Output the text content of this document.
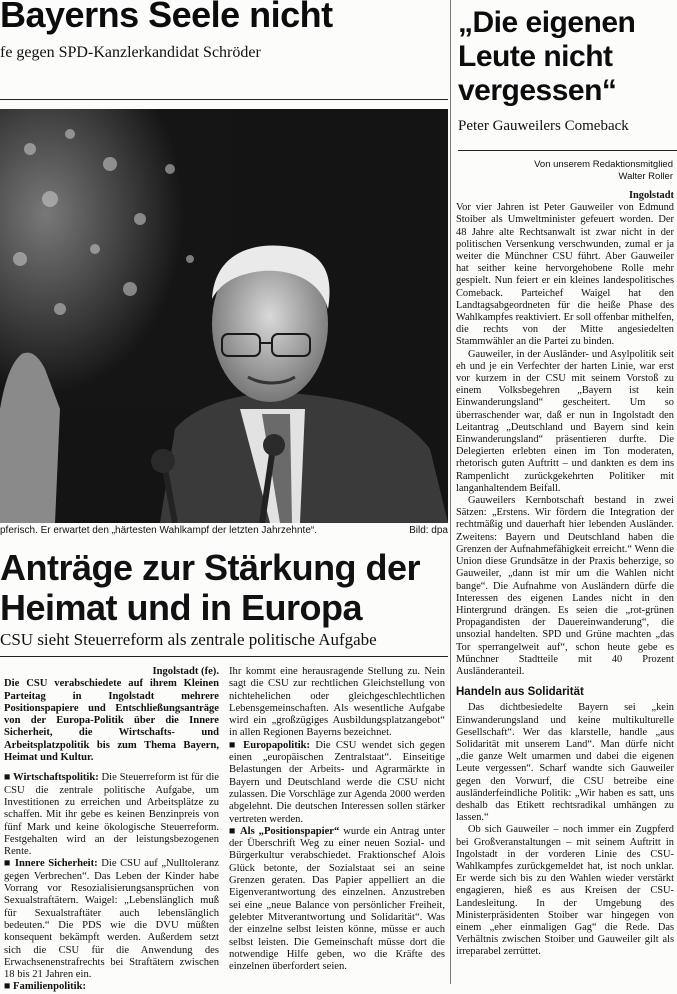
Bayerns Seele nicht
fe gegen SPD-Kanzlerkandidat Schröder
pferisch. Er erwartet den „härtesten Wahlkampf der letzten Jahrzehnte“.	Bild: dpa
Anträge zur Stärkung der Heimat und in Europa
CSU sieht Steuerreform als zentrale politische Aufgabe

Ingolstadt (fe).

Die CSU verabschiedete auf ihrem Kleinen Parteitag in Ingolstadt mehrere Positionspapiere und Entschließungsanträge von der Europa-Politik über die Innere Sicherheit, die Wirtschafts- und Arbeitsplatzpolitik bis zum Thema Bayern, Heimat und Kultur.

■ Wirtschaftspolitik: Die Steuerreform ist für die CSU die zentrale politische Aufgabe, um Investitionen zu erreichen und Arbeitsplätze zu schaffen. Mit ihr gebe es keinen Benzinpreis von fünf Mark und keine ökologische Steuerreform. Festgehalten wird an der leistungsbezogenen Rente.

■ Innere Sicherheit: Die CSU auf „Nulltoleranz gegen Verbrechen“. Das Leben der Kinder habe Vorrang vor Resozialisierungsansprüchen von Sexualstraftätern. Waigel: „Lebenslänglich muß für Sexualstraftäter auch lebenslänglich bedeuten.“ Die PDS wie die DVU müßten konsequent bekämpft werden. Außerdem setzt sich die CSU für die Anwendung des Erwachsenenstrafrechts bei Straftätern zwischen 18 bis 21 Jahren ein.

■ Familienpolitik:

Ihr kommt eine herausragende Stellung zu. Nein sagt die CSU zur rechtlichen Gleichstellung von nichtehelichen oder gleichgeschlechtlichen Lebensgemeinschaften. Als wesentliche Aufgabe wird ein „großzügiges Ausbildungsplatzangebot“ in allen Regionen Bayerns bezeichnet.

■ Europapolitik: Die CSU wendet sich gegen einen „europäischen Zentralstaat“. Einseitige Belastungen der Arbeits- und Agrarmärkte in Bayern und Deutschland werde die CSU nicht zulassen. Die Vorschläge zur Agenda 2000 werden abgelehnt. Die deutschen Interessen sollen stärker vertreten werden.

■ Als „Positionspapier“ wurde ein Antrag unter der Überschrift Weg zu einer neuen Sozial- und Bürgerkultur verabschiedet. Fraktionschef Alois Glück betonte, der Sozialstaat sei an seine Grenzen geraten. Das Papier appelliert an die Eigenverantwortung des einzelnen. Anzustreben sei eine „neue Balance von persönlicher Freiheit, gelebter Mitverantwortung und Solidarität“. Was der einzelne selbst leisten könne, müsse er auch selbst leisten. Die Gemeinschaft müsse dort die notwendige Hilfe geben, wo die Kräfte des einzelnen überfordert seien.

„Die eigenen Leute nicht vergessen“
Peter Gauweilers Comeback
Von unserem Redaktionsmitglied
Walter Roller

Ingolstadt

Vor vier Jahren ist Peter Gauweiler von Edmund Stoiber als Umweltminister gefeuert worden. Der 48 Jahre alte Rechtsanwalt ist zwar nicht in der politischen Versenkung verschwunden, zumal er ja weiter die Münchner CSU führt. Aber Gauweiler hat seither keine hervorgehobene Rolle mehr gespielt. Nun feiert er ein kleines landespolitisches Comeback. Parteichef Waigel hat den Landtagsabgeordneten für die heiße Phase des Wahlkampfes reaktiviert. Er soll offenbar mithelfen, die rechts von der Mitte angesiedelten Stammwähler an die Partei zu binden.

Gauweiler, in der Ausländer- und Asylpolitik seit eh und je ein Verfechter der harten Linie, war erst vor kurzem in der CSU mit seinem Vorstoß zu einem Volksbegehren „Bayern ist kein Einwanderungsland“ gescheitert. Um so überraschender war, daß er nun in Ingolstadt den Leitantrag „Deutschland und Bayern sind kein Einwanderungsland“ präsentieren durfte. Die Delegierten erlebten einen im Ton moderaten, rhetorisch guten Auftritt – und dankten es dem ins Rampenlicht zurückgekehrten Politiker mit langanhaltendem Beifall.

Gauweilers Kernbotschaft bestand in zwei Sätzen: „Erstens. Wir fördern die Integration der rechtmäßig und dauerhaft hier lebenden Ausländer. Zweitens: Bayern und Deutschland haben die Grenzen der Aufnahmefähigkeit erreicht.“ Wenn die Union diese Grundsätze in der Praxis beherzige, so Gauweiler, „dann ist mir um die Wahlen nicht bange“. Die Aufnahme von Ausländern dürfe die Interessen des eigenen Landes nicht in den Hintergrund drängen. Es seien die „rot-grünen Propagandisten der Dauereinwanderung“, die unsozial handelten. SPD und Grüne machten „das Tor sperrangelweit auf“, schon heute gebe es Münchner Stadtteile mit 40 Prozent Ausländeranteil.

Handeln aus Solidarität

Das dichtbesiedelte Bayern sei „kein Einwanderungsland und keine multikulturelle Gesellschaft“. Wer das klarstelle, handle „aus Solidarität mit unserem Land“. Man dürfe nicht „die ganze Welt umarmen und dabei die eigenen Leute vergessen“. Scharf wandte sich Gauweiler gegen den Vorwurf, die CSU betreibe eine ausländerfeindliche Politik: „Wir haben es satt, uns deshalb das Etikett rechtsradikal umhängen zu lassen.“

Ob sich Gauweiler – noch immer ein Zugpferd bei Großveranstaltungen – mit seinem Auftritt in Ingolstadt in der vorderen Linie des CSU-Wahlkampfes zurückgemeldet hat, ist noch unklar. Er werde sich bis zu den Wahlen wieder verstärkt engagieren, hieß es aus Kreisen der CSU-Landesleitung. In der Umgebung des Ministerpräsidenten Stoiber war hingegen von einem „eher einmaligen Gag“ die Rede. Das Verhältnis zwischen Stoiber und Gauweiler gilt als irreparabel zerrüttet.
